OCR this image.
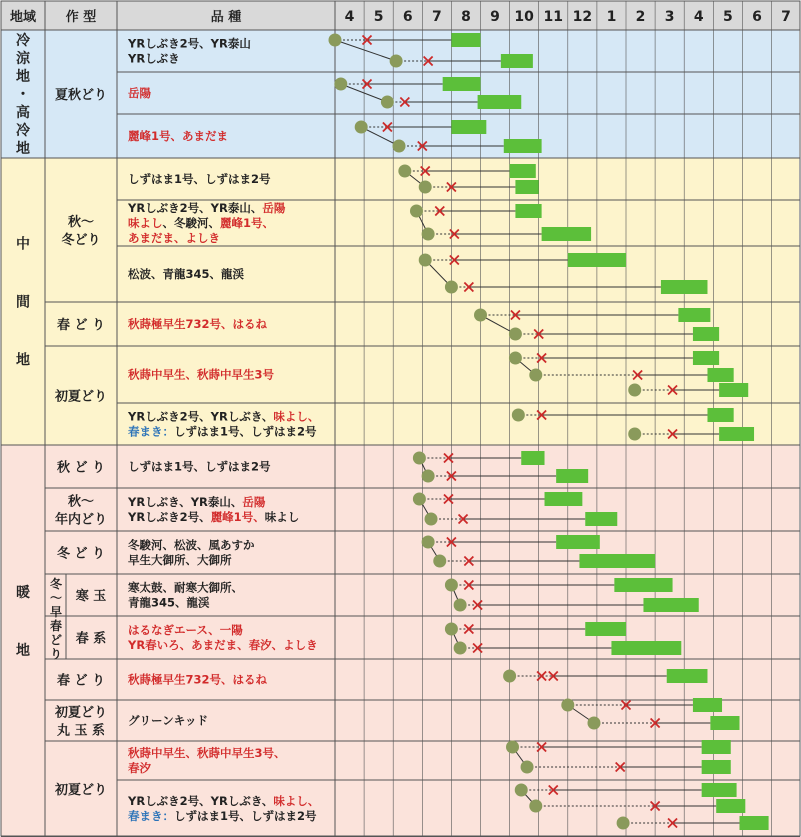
地域 作 型	品 種	4 5 6 7 8 9 10 11 12 1 2 3 4 5 6 7
冷
涼
地
・
高
冷
地
中
間
地
暖
地
夏秋どり
秋〜
冬どり
春 ど り
初夏どり
秋 ど り
秋〜
年内どり
冬 ど り
寒 玉
春 系
春 ど り
初夏どり
丸 玉 系
初夏どり
冬
〜
早
春
ど
り
YRしぶき2号、YR泰山
YRしぶき
岳陽
麗峰1号、あまだま
しずはま1号、しずはま2号
YRしぶき2号、YR泰山、岳陽
味よし、冬駿河、麗峰1号、
あまだま、よしき
松波、青龍345、龍渓
秋蒔極早生732号、はるね
秋蒔中早生、秋蒔中早生3号
YRしぶき2号、YRしぶき、味よし、
春まき：しずはま1号、しずはま2号
しずはま1号、しずはま2号
YRしぶき、YR泰山、岳陽
YRしぶき2号、麗峰1号、味よし
冬駿河、松波、風あすか
早生大御所、大御所
寒太鼓、耐寒大御所、
青龍345、龍渓
はるなぎエース、一陽
YR春いろ、あまだま、春汐、よしき
秋蒔極早生732号、はるね
グリーンキッド
秋蒔中早生、秋蒔中早生3号、
春汐
YRしぶき2号、YRしぶき、味よし、
春まき：しずはま1号、しずはま2号
